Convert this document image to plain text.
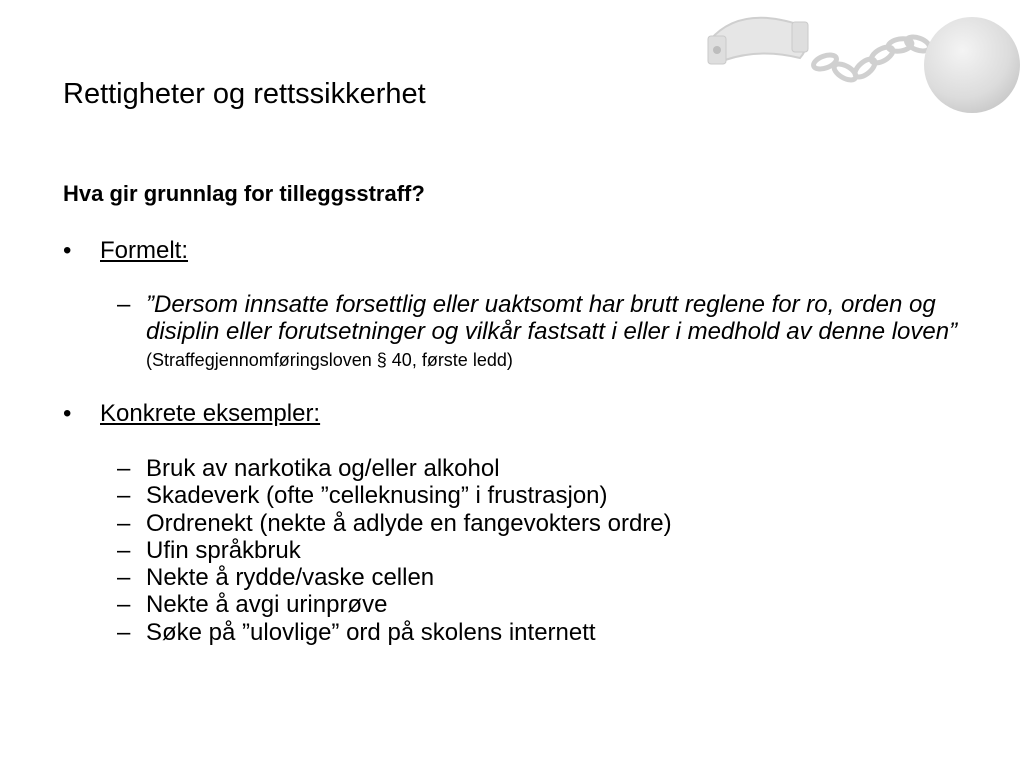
Rettigheter og rettssikkerhet
Hva gir grunnlag for tilleggsstraff?
• Formelt:
– ”Dersom innsatte forsettlig eller uaktsomt har brutt reglene for ro, orden og disiplin eller forutsetninger og vilkår fastsatt i eller i medhold av denne loven” (Straffegjennomføringsloven § 40, første ledd)
• Konkrete eksempler:
– Bruk av narkotika og/eller alkohol
– Skadeverk (ofte ”celleknusing” i frustrasjon)
– Ordrenekt (nekte å adlyde en fangevokters ordre)
– Ufin språkbruk
– Nekte å rydde/vaske cellen
– Nekte å avgi urinprøve
– Søke på ”ulovlige” ord på skolens internett
